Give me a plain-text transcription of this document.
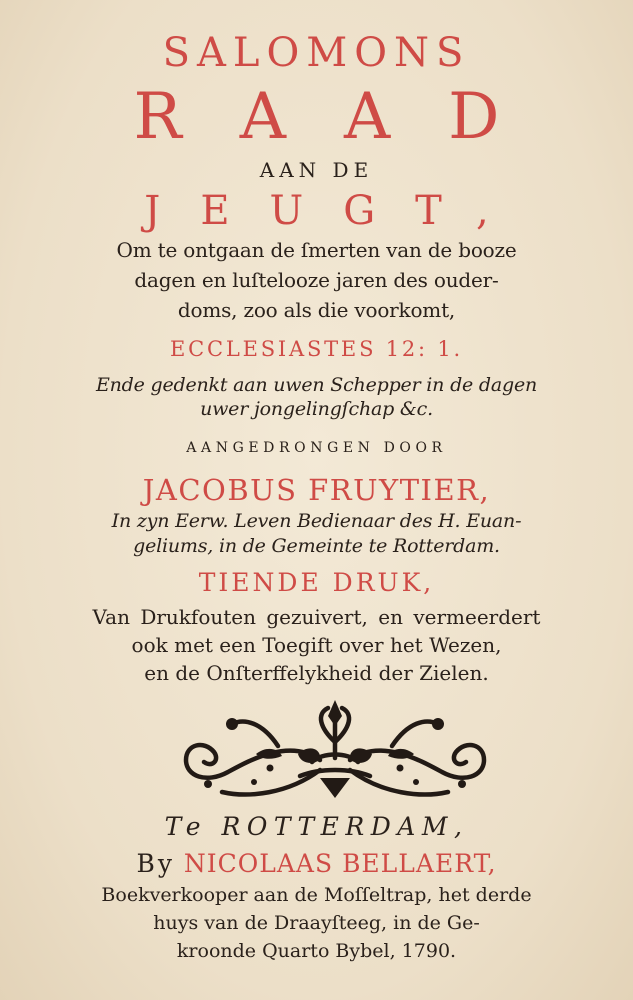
SALOMONS
RAAD
AAN DE
JEUGT,
Om te ontgaan de ſmerten van de booze
dagen en luſtelooze jaren des ouder-
doms, zoo als die voorkomt,
ECCLESIASTES 12: 1.
Ende gedenkt aan uwen Schepper in de dagen
uwer jongelingſchap &c.
AANGEDRONGEN DOOR
JACOBUS FRUYTIER,
In zyn Eerw. Leven Bedienaar des H. Euan-
geliums, in de Gemeinte te Rotterdam.
TIENDE DRUK,
Van Drukfouten gezuivert, en vermeerdert
ook met een Toegift over het Wezen,
en de Onſterffelykheid der Zielen.
Te ROTTERDAM,
By NICOLAAS BELLAERT,
Boekverkooper aan de Moſſeltrap, het derde
huys van de Draayſteeg, in de Ge-
kroonde Quarto Bybel, 1790.
